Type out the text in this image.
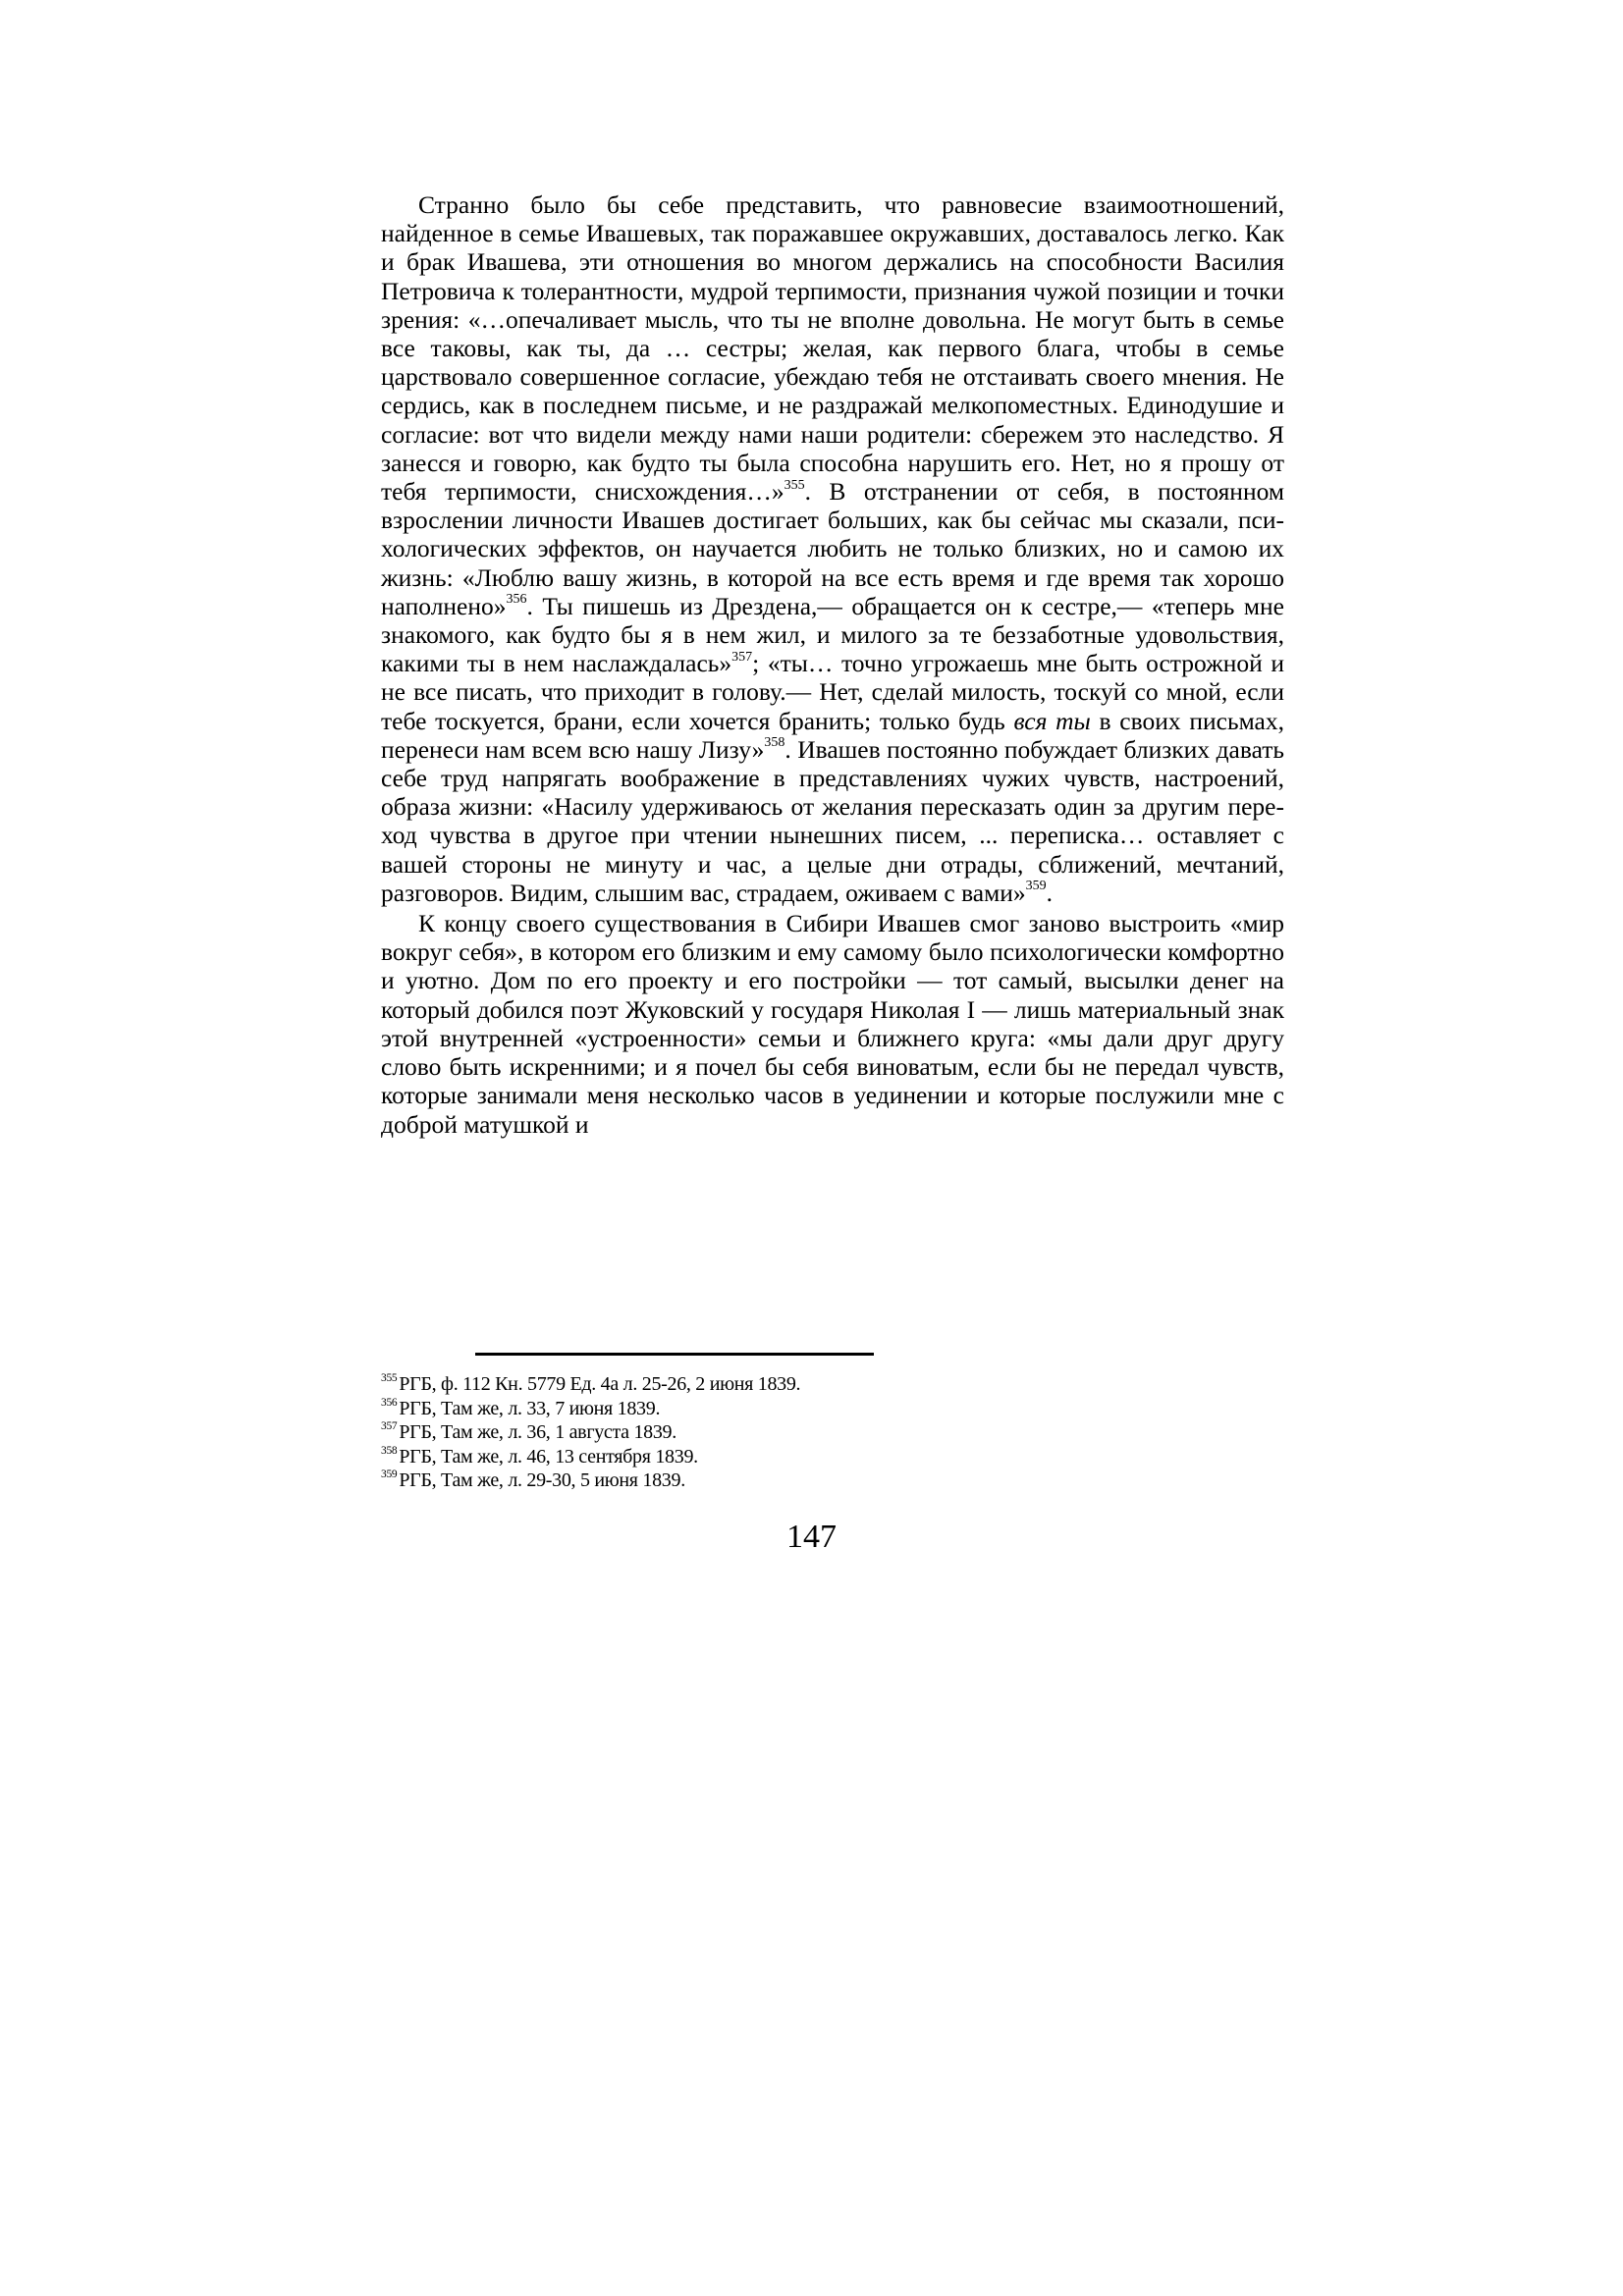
Странно было бы себе представить, что равновесие взаимоотношений, найденное в семье Ивашевых, так поражавшее окружавших, доставалось легко. Как и брак Ивашева, эти отношения во многом держались на способности Василия Петровича к толерантности, мудрой терпимости, признания чужой позиции и точки зрения: «…опечаливает мысль, что ты не вполне довольна. Не могут быть в семье все таковы, как ты, да … сестры; желая, как первого блага, чтобы в семье царствовало совершенное согласие, убеждаю тебя не отстаивать своего мнения. Не сердись, как в последнем письме, и не раздражай мелкопоместных. Единодушие и согласие: вот что видели между нами наши родители: сбережем это наследство. Я занесся и говорю, как будто ты была способна нарушить его. Нет, но я прошу от тебя терпимости, снисхождения…»$^{355}$. В отстранении от себя, в постоянном взрослении личности Ивашев достигает больших, как бы сейчас мы сказали, психологических эффектов, он научается любить не только близких, но и самою их жизнь: «Люблю вашу жизнь, в которой на все есть время и где время так хорошо наполнено»$^{356}$. Ты пишешь из Дрездена,— обращается он к сестре,— «теперь мне знакомого, как будто бы я в нем жил, и милого за те беззаботные удовольствия, какими ты в нем наслаждалась»$^{357}$; «ты… точно угрожаешь мне быть острожной и не все писать, что приходит в голову.— Нет, сделай милость, тоскуй со мной, если тебе тоскуется, брани, если хочется бранить; только будь вся ты в своих письмах, перенеси нам всем всю нашу Лизу»$^{358}$. Ивашев постоянно побуждает близких давать себе труд напрягать воображение в представлениях чужих чувств, настроений, образа жизни: «Насилу удерживаюсь от желания пересказать один за другим переход чувства в другое при чтении нынешних писем, ... переписка… оставляет с вашей стороны не минуту и час, а целые дни отрады, сближений, мечтаний, разговоров. Видим, слышим вас, страдаем, оживаем с вами»$^{359}$.

К концу своего существования в Сибири Ивашев смог заново выстроить «мир вокруг себя», в котором его близким и ему самому было психологически комфортно и уютно. Дом по его проекту и его постройки — тот самый, высылки денег на который добился поэт Жуковский у государя Николая I — лишь материальный знак этой внутренней «устроенности» семьи и ближнего круга: «мы дали друг другу слово быть искренними; и я почел бы себя виноватым, если бы не передал чувств, которые занимали меня несколько часов в уединении и которые послужили мне с доброй матушкой и

$^{355}$ РГБ, ф. 112 Кн. 5779 Ед. 4а л. 25-26, 2 июня 1839.

$^{356}$ РГБ, Там же, л. 33, 7 июня 1839.

$^{357}$ РГБ, Там же, л. 36, 1 августа 1839.

$^{358}$ РГБ, Там же, л. 46, 13 сентября 1839.

$^{359}$ РГБ, Там же, л. 29-30, 5 июня 1839.

147
